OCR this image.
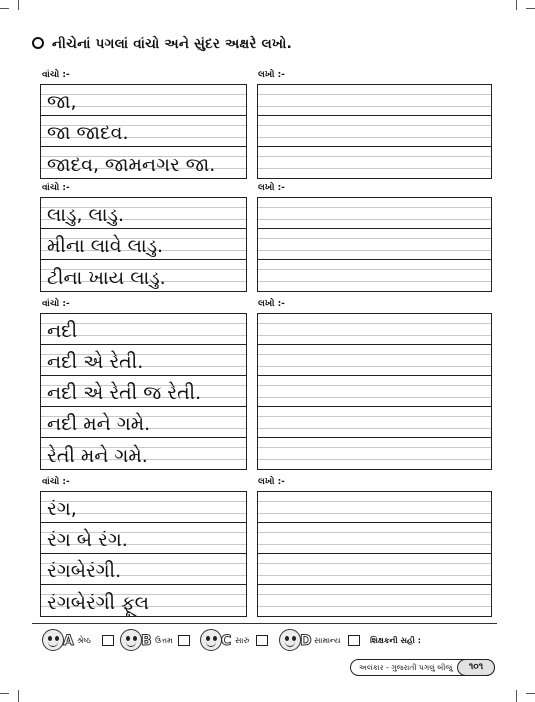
નીચેનાં પગલાં વાંચો અને સુંદર અક્ષરે લખો.
વાંચો :-	લખો :-
જા,
જા જાદવ.
જાદવ, જામનગર જા.
વાંચો :-	લખો :-
લાડુ, લાડુ.
મીના લાવે લાડુ.
ટીના ખાય લાડુ.
વાંચો :-	લખો :-
નદી
નદી એ રેતી.
નદી એ રેતી જ રેતી.
નદી મને ગમે.
રેતી મને ગમે.
વાંચો :-	લખો :-
રંગ,
રંગ બે રંગ.
રંગબેરંગી.
રંગબેરંગી ફૂલ
A શ્રેષ્ઠ	B ઉત્તમ	C સારું	D સામાન્ય	શિક્ષકની સહી :
અલંકાર - ગુજરાતી પગલું બીજું	૧૦૧
